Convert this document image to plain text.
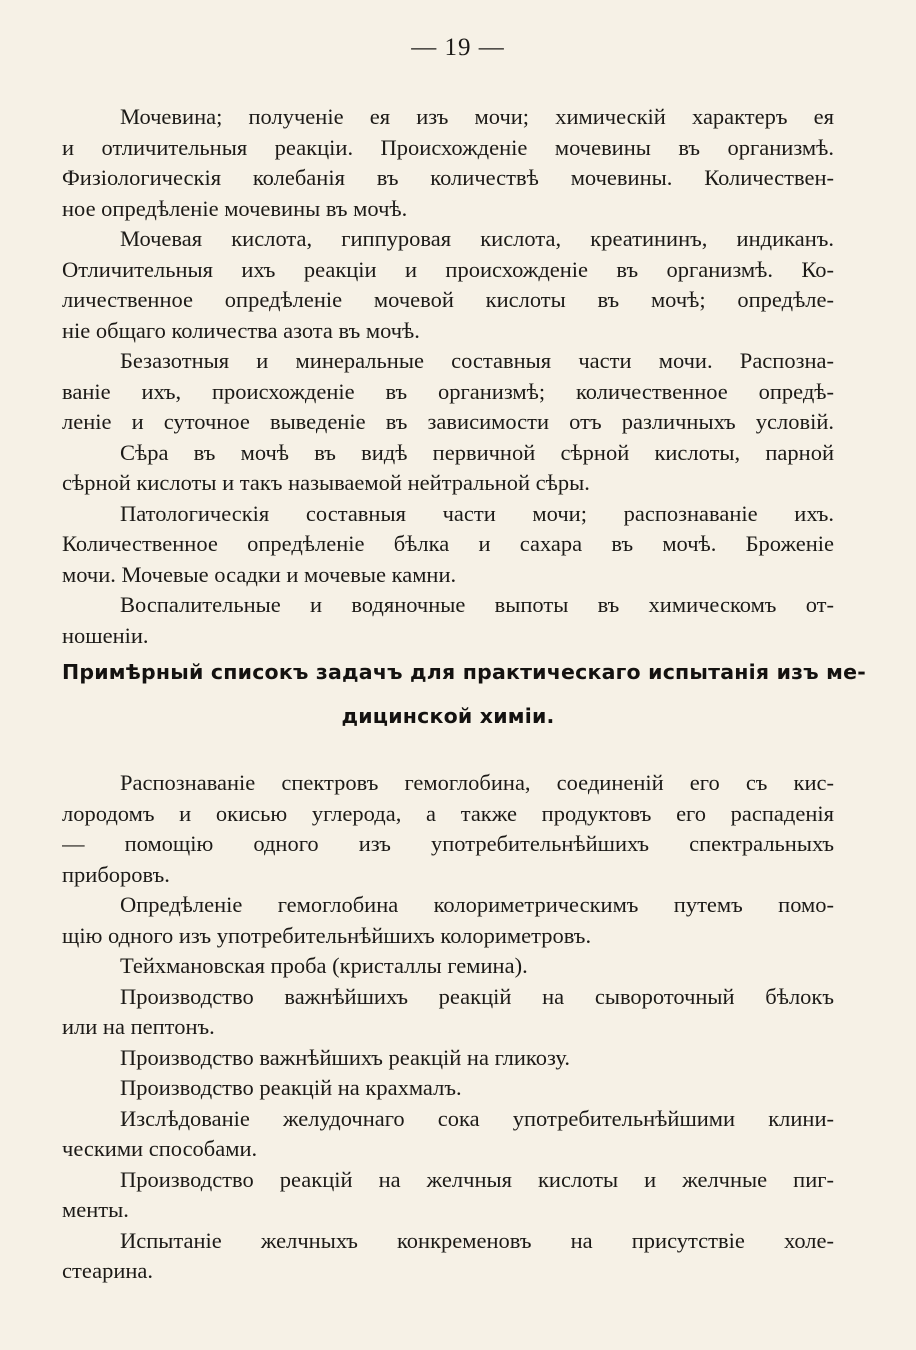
— 19 —
Мочевина; полученіе ея изъ мочи; химическій характеръ ея
и отличительныя реакціи. Происхожденіе мочевины въ организмѣ.
Физіологическія колебанія въ количествѣ мочевины. Количествен-
ное опредѣленіе мочевины въ мочѣ.
Мочевая кислота, гиппуровая кислота, креатининъ, индиканъ.
Отличительныя ихъ реакціи и происхожденіе въ организмѣ. Ко-
личественное опредѣленіе мочевой кислоты въ мочѣ; опредѣле-
ніе общаго количества азота въ мочѣ.
Безазотныя и минеральные составныя части мочи. Распозна-
ваніе ихъ, происхожденіе въ организмѣ; количественное опредѣ-
леніе и суточное выведеніе въ зависимости отъ различныхъ условій.
Сѣра въ мочѣ въ видѣ первичной сѣрной кислоты, парной
сѣрной кислоты и такъ называемой нейтральной сѣры.
Патологическія составныя части мочи; распознаваніе ихъ.
Количественное опредѣленіе бѣлка и сахара въ мочѣ. Броженіе
мочи. Мочевые осадки и мочевые камни.
Воспалительные и водяночные выпоты въ химическомъ от-
ношеніи.
Примѣрный списокъ задачъ для практическаго испытанія изъ ме-
дицинской химіи.
Распознаваніе спектровъ гемоглобина, соединеній его съ кис-
лородомъ и окисью углерода, а также продуктовъ его распаденія
— помощію одного изъ употребительнѣйшихъ спектральныхъ
приборовъ.
Опредѣленіе гемоглобина колориметрическимъ путемъ помо-
щію одного изъ употребительнѣйшихъ колориметровъ.
Тейхмановская проба (кристаллы гемина).
Производство важнѣйшихъ реакцій на сывороточный бѣлокъ
или на пептонъ.
Производство важнѣйшихъ реакцій на гликозу.
Производство реакцій на крахмалъ.
Изслѣдованіе желудочнаго сока употребительнѣйшими клини-
ческими способами.
Производство реакцій на желчныя кислоты и желчные пиг-
менты.
Испытаніе желчныхъ конкременовъ на присутствіе холе-
стеарина.
